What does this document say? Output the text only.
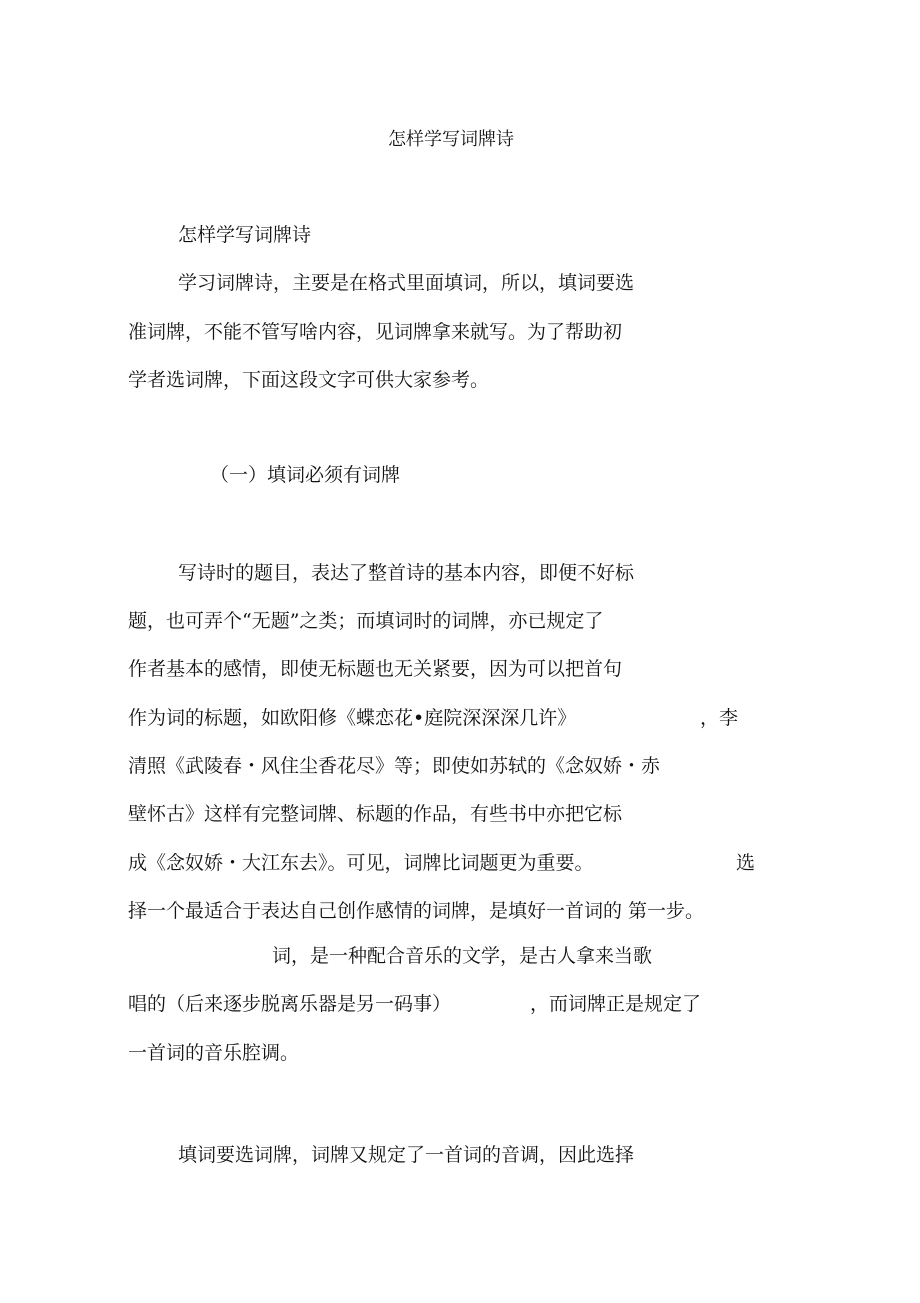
怎样学写词牌诗
怎样学写词牌诗
学习词牌诗，主要是在格式里面填词，所以，填词要选
准词牌，不能不管写啥内容，见词牌拿来就写。为了帮助初
学者选词牌，下面这段文字可供大家参考。
（一）填词必须有词牌
写诗时的题目，表达了整首诗的基本内容，即便不好标
题，也可弄个“无题”之类；而填词时的词牌，亦已规定了
作者基本的感情，即使无标题也无关紧要，因为可以把首句
作为词的标题，如欧阳修《蝶恋花•庭院深深深几许》	，李
清照《武陵春・风住尘香花尽》等；即使如苏轼的《念奴娇・赤
壁怀古》这样有完整词牌、标题的作品，有些书中亦把它标
成《念奴娇・大江东去》。可见，词牌比词题更为重要。	选
择一个最适合于表达自己创作感情的词牌，是填好一首词的 第一步。
词，是一种配合音乐的文学，是古人拿来当歌
唱的（后来逐步脱离乐器是另一码事）	，而词牌正是规定了
一首词的音乐腔调。
填词要选词牌，词牌又规定了一首词的音调，因此选择
